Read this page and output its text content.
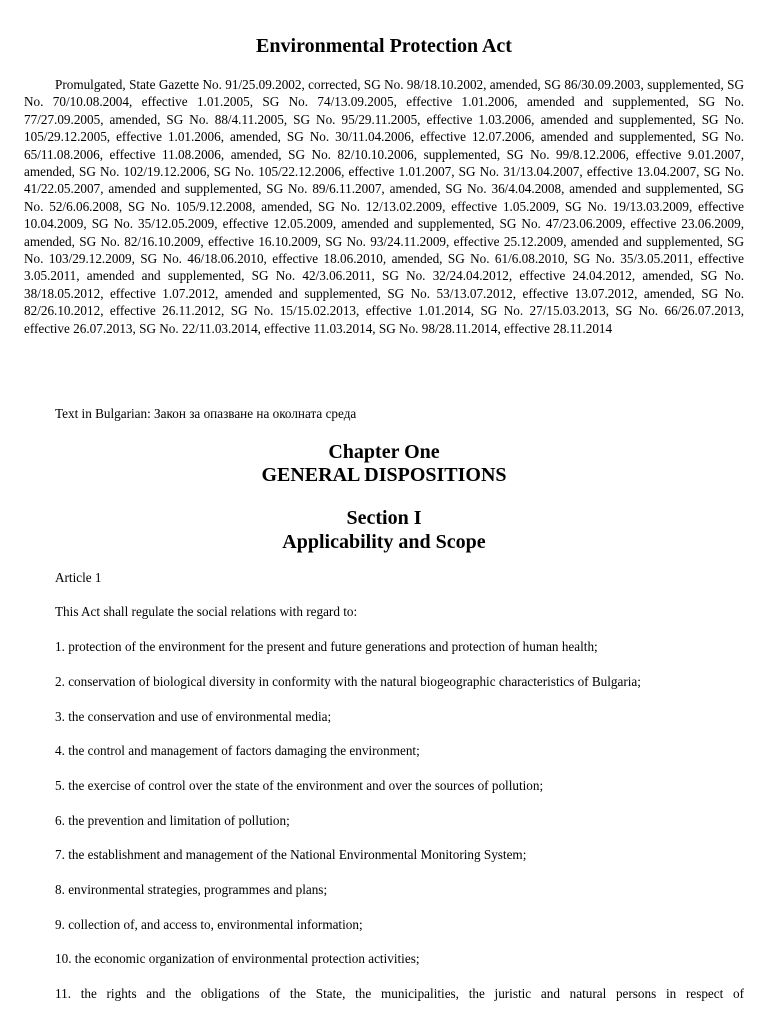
Environmental Protection Act

Promulgated, State Gazette No. 91/25.09.2002, corrected, SG No. 98/18.10.2002, amended, SG 86/30.09.2003, supplemented, SG No. 70/10.08.2004, effective 1.01.2005, SG No. 74/13.09.2005, effective 1.01.2006, amended and supplemented, SG No. 77/27.09.2005, amended, SG No. 88/4.11.2005, SG No. 95/29.11.2005, effective 1.03.2006, amended and supplemented, SG No. 105/29.12.2005, effective 1.01.2006, amended, SG No. 30/11.04.2006, effective 12.07.2006, amended and supplemented, SG No. 65/11.08.2006, effective 11.08.2006, amended, SG No. 82/10.10.2006, supplemented, SG No. 99/8.12.2006, effective 9.01.2007, amended, SG No. 102/19.12.2006, SG No. 105/22.12.2006, effective 1.01.2007, SG No. 31/13.04.2007, effective 13.04.2007, SG No. 41/22.05.2007, amended and supplemented, SG No. 89/6.11.2007, amended, SG No. 36/4.04.2008, amended and supplemented, SG No. 52/6.06.2008, SG No. 105/9.12.2008, amended, SG No. 12/13.02.2009, effective 1.05.2009, SG No. 19/13.03.2009, effective 10.04.2009, SG No. 35/12.05.2009, effective 12.05.2009, amended and supplemented, SG No. 47/23.06.2009, effective 23.06.2009, amended, SG No. 82/16.10.2009, effective 16.10.2009, SG No. 93/24.11.2009, effective 25.12.2009, amended and supplemented, SG No. 103/29.12.2009, SG No. 46/18.06.2010, effective 18.06.2010, amended, SG No. 61/6.08.2010, SG No. 35/3.05.2011, effective 3.05.2011, amended and supplemented, SG No. 42/3.06.2011, SG No. 32/24.04.2012, effective 24.04.2012, amended, SG No. 38/18.05.2012, effective 1.07.2012, amended and supplemented, SG No. 53/13.07.2012, effective 13.07.2012, amended, SG No. 82/26.10.2012, effective 26.11.2012, SG No. 15/15.02.2013, effective 1.01.2014, SG No. 27/15.03.2013, SG No. 66/26.07.2013, effective 26.07.2013, SG No. 22/11.03.2014, effective 11.03.2014, SG No. 98/28.11.2014, effective 28.11.2014

Text in Bulgarian: Закон за опазване на околната среда

Chapter One
GENERAL DISPOSITIONS
Section I
Applicability and Scope

Article 1

This Act shall regulate the social relations with regard to:

1. protection of the environment for the present and future generations and protection of human health;

2. conservation of biological diversity in conformity with the natural biogeographic characteristics of Bulgaria;

3. the conservation and use of environmental media;

4. the control and management of factors damaging the environment;

5. the exercise of control over the state of the environment and over the sources of pollution;

6. the prevention and limitation of pollution;

7. the establishment and management of the National Environmental Monitoring System;

8. environmental strategies, programmes and plans;

9. collection of, and access to, environmental information;

10. the economic organization of environmental protection activities;

11. the rights and the obligations of the State, the municipalities, the juristic and natural persons in respect of
